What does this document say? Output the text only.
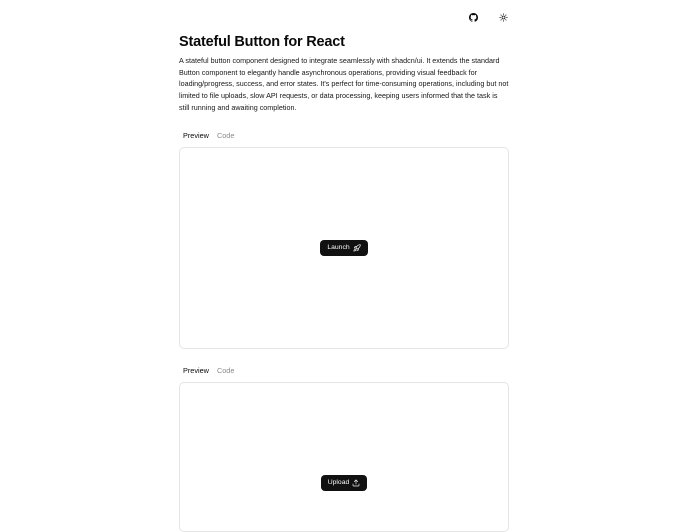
Stateful Button for React

A stateful button component designed to integrate seamlessly with shadcn/ui. It extends the standard Button component to elegantly handle asynchronous operations, providing visual feedback for loading/progress, success, and error states. It's perfect for time-consuming operations, including but not limited to file uploads, slow API requests, or data processing, keeping users informed that the task is still running and awaiting completion.

Preview Code
Launch
Preview Code
Upload
